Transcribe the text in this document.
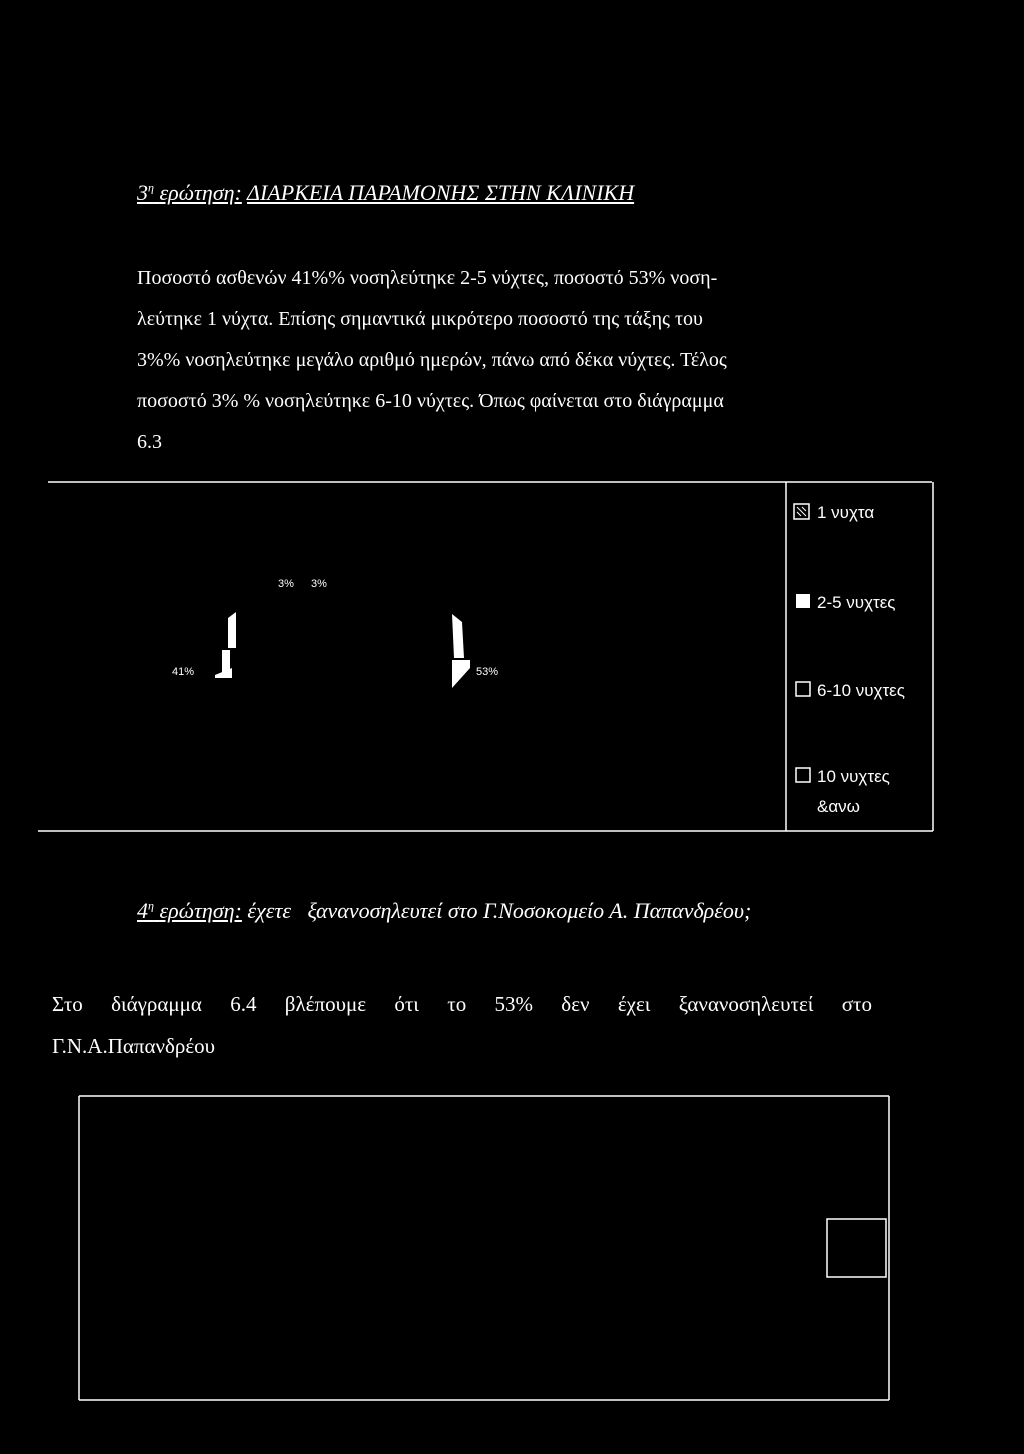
$3^\eta$ ερώτηση: ΔΙΑΡΚΕΙΑ ΠΑΡΑΜΟΝΗΣ ΣΤΗΝ ΚΛΙΝΙΚΗ
Ποσοστό ασθενών 41%% νοσηλεύτηκε 2-5 νύχτες, ποσοστό 53% νοση-
λεύτηκε 1 νύχτα. Επίσης σημαντικά μικρότερο ποσοστό της τάξης του
3%% νοσηλεύτηκε μεγάλο αριθμό ημερών, πάνω από δέκα νύχτες. Τέλος
ποσοστό 3% % νοσηλεύτηκε 6-10 νύχτες. Όπως φαίνεται στο διάγραμμα
6.3
3% 3%
41%	53%
1 νυχτα
2-5 νυχτες
6-10 νυχτες
10 νυχτες
&ανω
$4^\eta$ ερώτηση: έχετε   ξανανοσηλευτεί στο Γ.Νοσοκομείο Α. Παπανδρέου;
Στο διάγραμμα 6.4 βλέπουμε ότι το 53% δεν έχει ξανανοσηλευτεί στο
Γ.Ν.Α.Παπανδρέου
